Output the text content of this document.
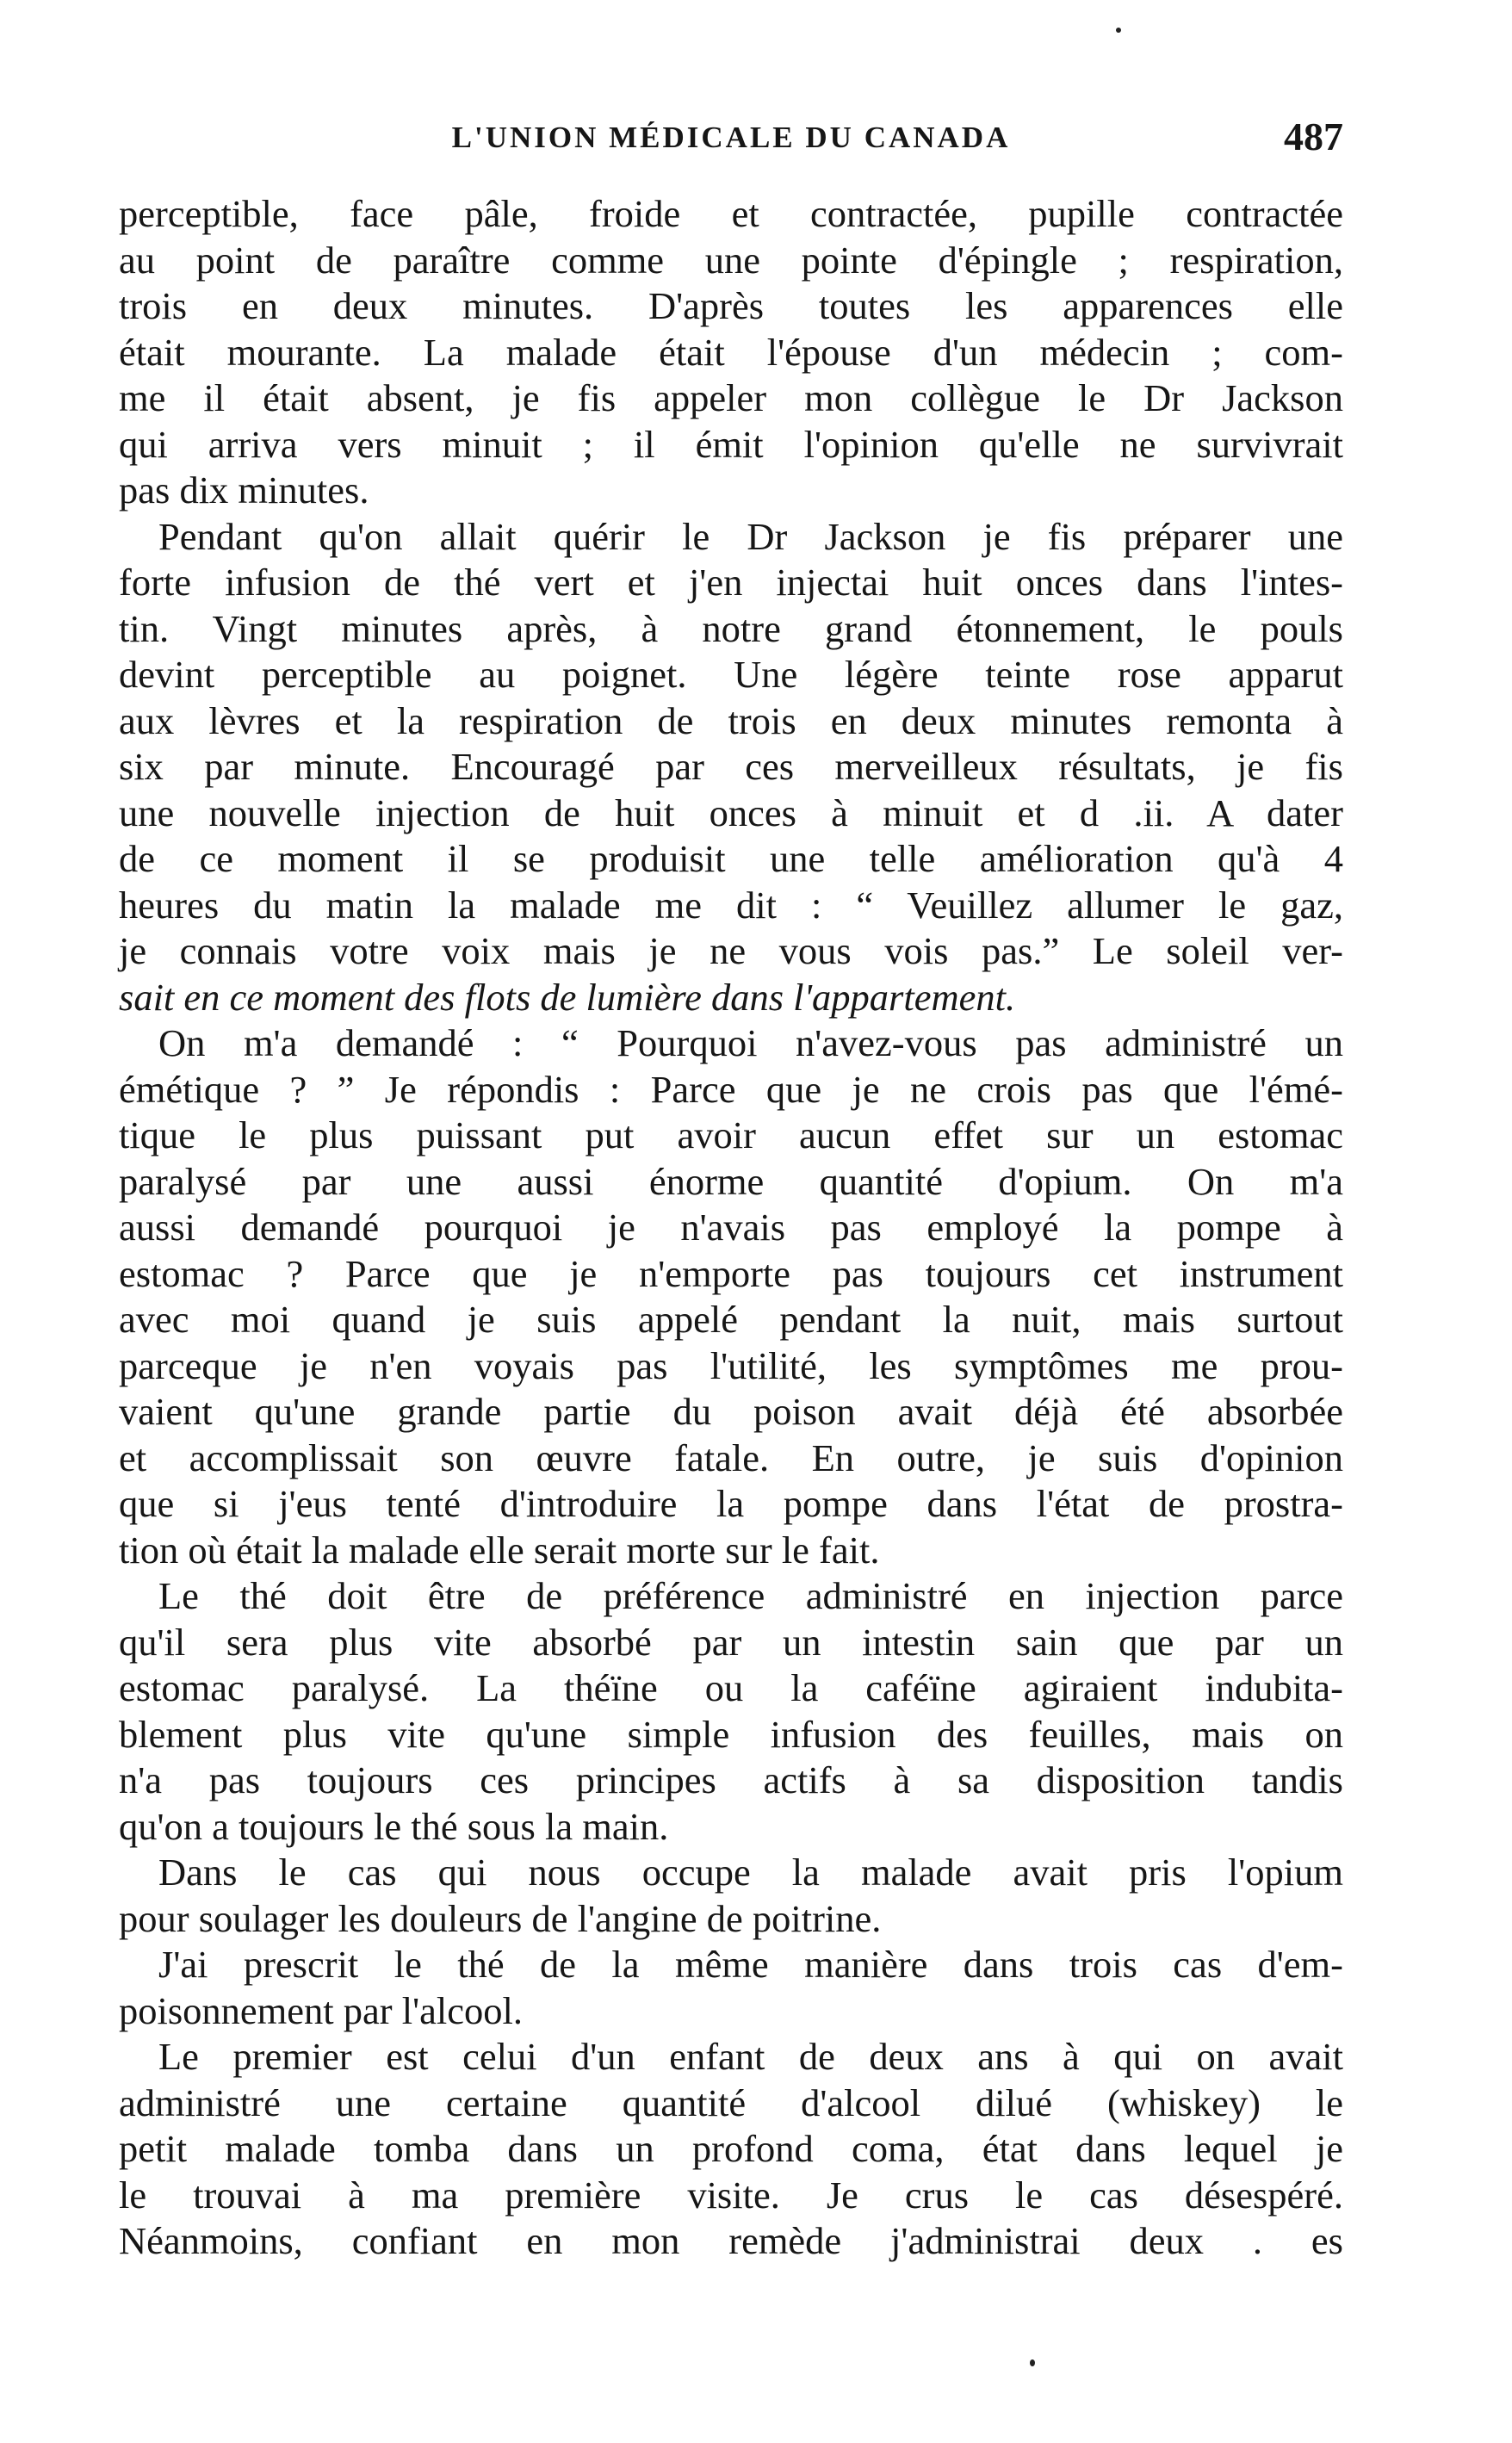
L'UNION MÉDICALE DU CANADA	487
perceptible, face pâle, froide et contractée, pupille contractée
au point de paraître comme une pointe d'épingle ; respiration,
trois en deux minutes. D'après toutes les apparences elle
était mourante. La malade était l'épouse d'un médecin ; com-
me il était absent, je fis appeler mon collègue le Dr Jackson
qui arriva vers minuit ; il émit l'opinion qu'elle ne survivrait
pas dix minutes.
Pendant qu'on allait quérir le Dr Jackson je fis préparer une
forte infusion de thé vert et j'en injectai huit onces dans l'intes-
tin. Vingt minutes après, à notre grand étonnement, le pouls
devint perceptible au poignet. Une légère teinte rose apparut
aux lèvres et la respiration de trois en deux minutes remonta à
six par minute. Encouragé par ces merveilleux résultats, je fis
une nouvelle injection de huit onces à minuit et d .ii. A dater
de ce moment il se produisit une telle amélioration qu'à 4
heures du matin la malade me dit : “ Veuillez allumer le gaz,
je connais votre voix mais je ne vous vois pas.” Le soleil ver-
sait en ce moment des flots de lumière dans l'appartement.
On m'a demandé : “ Pourquoi n'avez-vous pas administré un
émétique ? ” Je répondis : Parce que je ne crois pas que l'émé-
tique le plus puissant put avoir aucun effet sur un estomac
paralysé par une aussi énorme quantité d'opium. On m'a
aussi demandé pourquoi je n'avais pas employé la pompe à
estomac ? Parce que je n'emporte pas toujours cet instrument
avec moi quand je suis appelé pendant la nuit, mais surtout
parceque je n'en voyais pas l'utilité, les symptômes me prou-
vaient qu'une grande partie du poison avait déjà été absorbée
et accomplissait son œuvre fatale. En outre, je suis d'opinion
que si j'eus tenté d'introduire la pompe dans l'état de prostra-
tion où était la malade elle serait morte sur le fait.
Le thé doit être de préférence administré en injection parce
qu'il sera plus vite absorbé par un intestin sain que par un
estomac paralysé. La théïne ou la caféïne agiraient indubita-
blement plus vite qu'une simple infusion des feuilles, mais on
n'a pas toujours ces principes actifs à sa disposition tandis
qu'on a toujours le thé sous la main.
Dans le cas qui nous occupe la malade avait pris l'opium
pour soulager les douleurs de l'angine de poitrine.
J'ai prescrit le thé de la même manière dans trois cas d'em-
poisonnement par l'alcool.
Le premier est celui d'un enfant de deux ans à qui on avait
administré une certaine quantité d'alcool dilué (whiskey) le
petit malade tomba dans un profond coma, état dans lequel je
le trouvai à ma première visite. Je crus le cas désespéré.
Néanmoins, confiant en mon remède j'administrai deux . es
